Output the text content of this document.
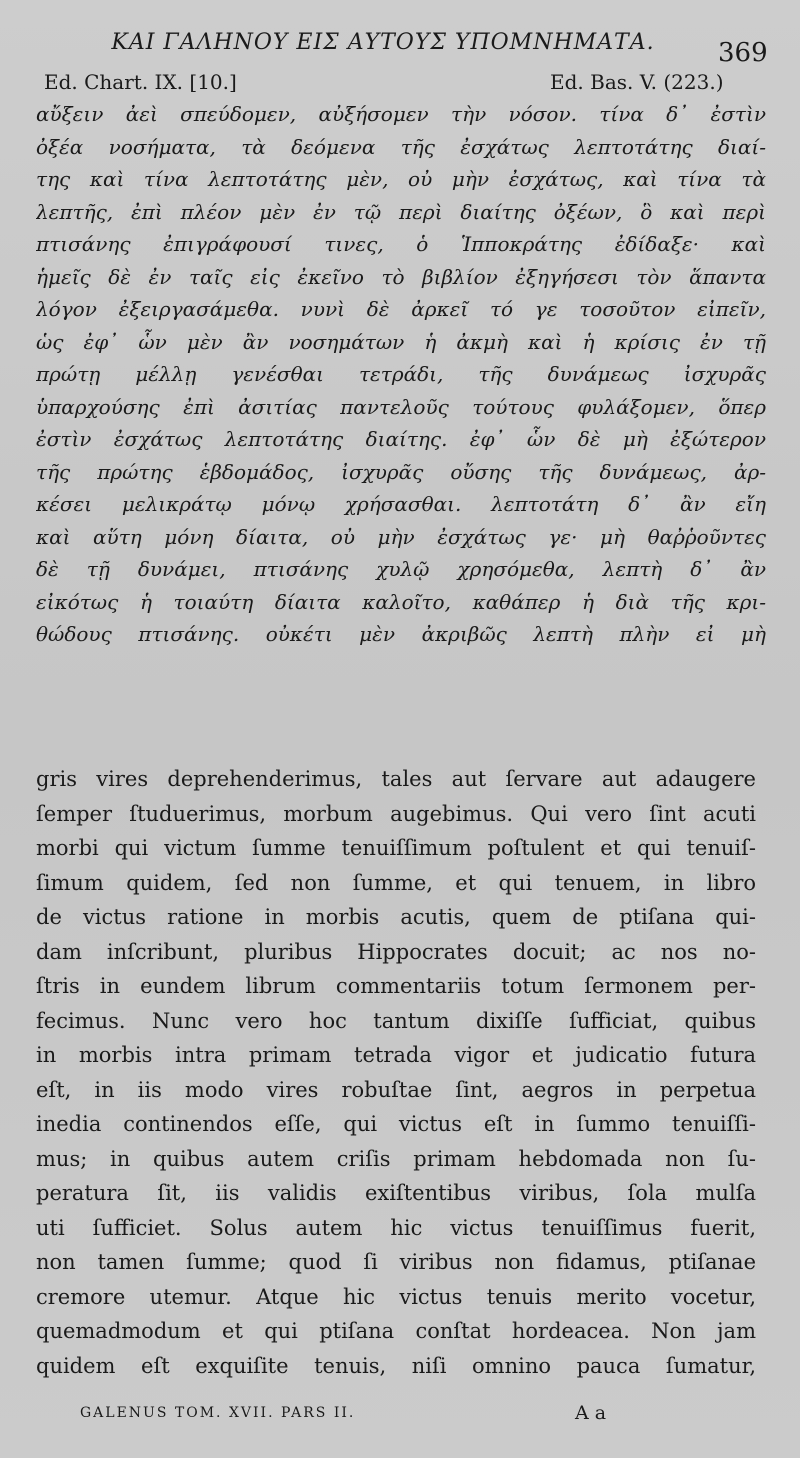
ΚΑΙ ΓΑΛΗΝΟΥ ΕΙΣ ΑΥΤΟΥΣ ΥΠΟΜΝΗΜΑΤΑ.	369
Ed. Chart. IX. [10.]	Ed. Bas. V. (223.)
αὔξειν ἀεὶ σπεύδομεν, αὐξήσομεν τὴν νόσον. τίνα δ᾽ ἐστὶν
ὀξέα νοσήματα, τὰ δεόμενα τῆς ἐσχάτως λεπτοτάτης διαί-
της καὶ τίνα λεπτοτάτης μὲν, οὐ μὴν ἐσχάτως, καὶ τίνα τὰ
λεπτῆς, ἐπὶ πλέον μὲν ἐν τῷ περὶ διαίτης ὀξέων, ὃ καὶ περὶ
πτισάνης ἐπιγράφουσί τινες, ὁ Ἱπποκράτης ἐδίδαξε· καὶ
ἡμεῖς δὲ ἐν ταῖς εἰς ἐκεῖνο τὸ βιβλίον ἐξηγήσεσι τὸν ἅπαντα
λόγον ἐξειργασάμεθα. νυνὶ δὲ ἀρκεῖ τό γε τοσοῦτον εἰπεῖν,
ὡς ἐφ᾽ ὧν μὲν ἂν νοσημάτων ἡ ἀκμὴ καὶ ἡ κρίσις ἐν τῇ
πρώτῃ μέλλῃ γενέσθαι τετράδι, τῆς δυνάμεως ἰσχυρᾶς
ὑπαρχούσης ἐπὶ ἀσιτίας παντελοῦς τούτους φυλάξομεν, ὅπερ
ἐστὶν ἐσχάτως λεπτοτάτης διαίτης. ἐφ᾽ ὧν δὲ μὴ ἐξώτερον
τῆς πρώτης ἑβδομάδος, ἰσχυρᾶς οὔσης τῆς δυνάμεως, ἀρ-
κέσει μελικράτῳ μόνῳ χρήσασθαι. λεπτοτάτη δ᾽ ἂν εἴη
καὶ αὕτη μόνη δίαιτα, οὐ μὴν ἐσχάτως γε· μὴ θαῤῥοῦντες
δὲ τῇ δυνάμει, πτισάνης χυλῷ χρησόμεθα, λεπτὴ δ᾽ ἂν
εἰκότως ἡ τοιαύτη δίαιτα καλοῖτο, καθάπερ ἡ διὰ τῆς κρι-
θώδους πτισάνης. οὐκέτι μὲν ἀκριβῶς λεπτὴ πλὴν εἰ μὴ
gris vires deprehenderimus, tales aut ſervare aut adaugere
ſemper ſtuduerimus, morbum augebimus. Qui vero ſint acuti
morbi qui victum ſumme tenuiſſimum poſtulent et qui tenuiſ-
ſimum quidem, ſed non ſumme, et qui tenuem, in libro
de victus ratione in morbis acutis, quem de ptiſana qui-
dam inſcribunt, pluribus Hippocrates docuit; ac nos no-
ſtris in eundem librum commentariis totum ſermonem per-
fecimus. Nunc vero hoc tantum dixiſſe ſufficiat, quibus
in morbis intra primam tetrada vigor et judicatio futura
eſt, in iis modo vires robuſtae ſint, aegros in perpetua
inedia continendos eſſe, qui victus eſt in ſummo tenuiſſi-
mus; in quibus autem criſis primam hebdomada non ſu-
peratura ſit, iis validis exiſtentibus viribus, ſola mulſa
uti ſufficiet. Solus autem hic victus tenuiſſimus fuerit,
non tamen ſumme; quod ſi viribus non fidamus, ptiſanae
cremore utemur. Atque hic victus tenuis merito vocetur,
quemadmodum et qui ptiſana conſtat hordeacea. Non jam
quidem eſt exquiſite tenuis, niſi omnino pauca ſumatur,
GALENUS TOM. XVII. PARS II.	A a
